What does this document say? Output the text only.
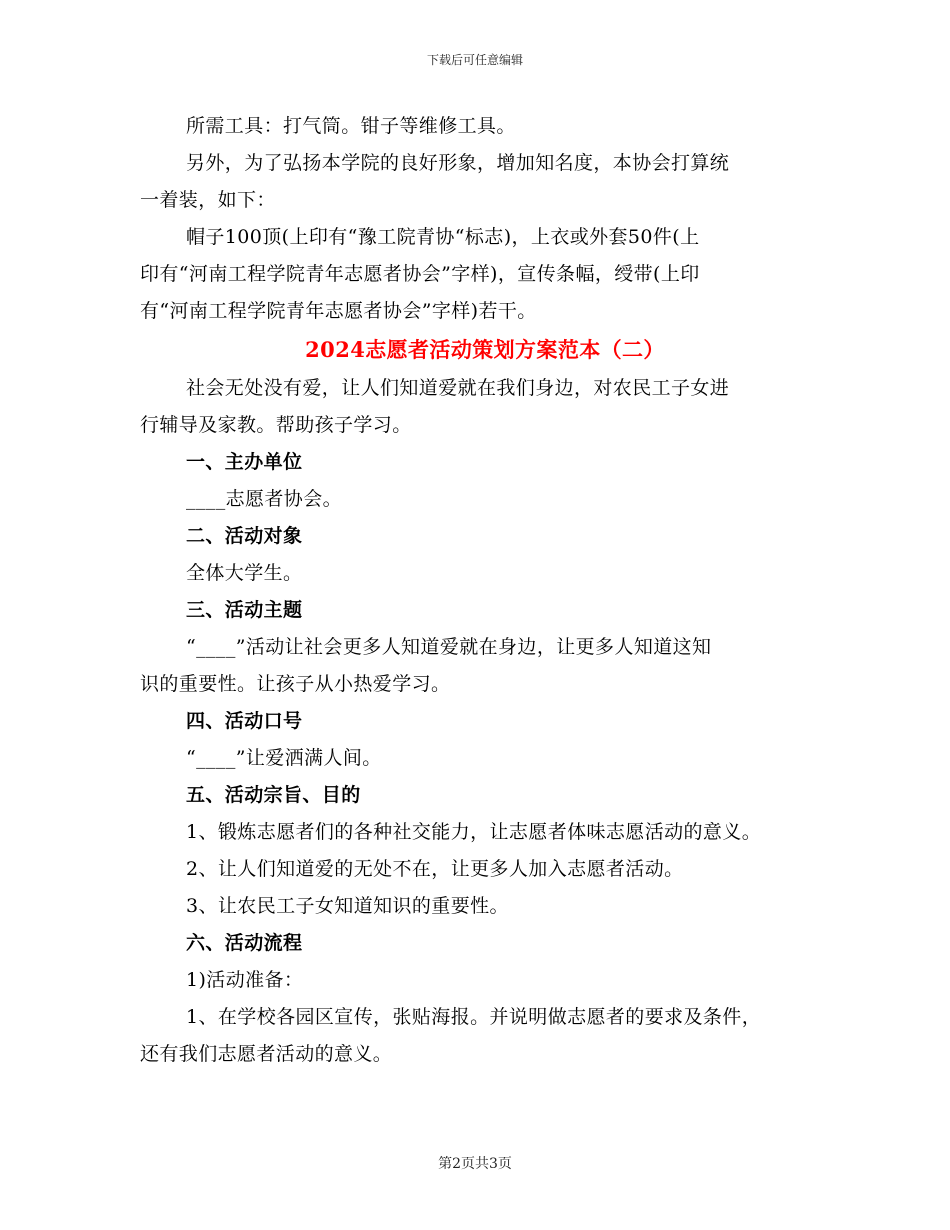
下载后可任意编辑
所需工具：打气筒。钳子等维修工具。
另外，为了弘扬本学院的良好形象，增加知名度，本协会打算统
一着装，如下：
帽子100顶(上印有“豫工院青协“标志)，上衣或外套50件(上
印有“河南工程学院青年志愿者协会”字样)，宣传条幅，绶带(上印
有“河南工程学院青年志愿者协会”字样)若干。
2024志愿者活动策划方案范本（二）
社会无处没有爱，让人们知道爱就在我们身边，对农民工子女进
行辅导及家教。帮助孩子学习。
一、主办单位
____志愿者协会。
二、活动对象
全体大学生。
三、活动主题
“____”活动让社会更多人知道爱就在身边，让更多人知道这知
识的重要性。让孩子从小热爱学习。
四、活动口号
“____”让爱洒满人间。
五、活动宗旨、目的
1、锻炼志愿者们的各种社交能力，让志愿者体味志愿活动的意义。
2、让人们知道爱的无处不在，让更多人加入志愿者活动。
3、让农民工子女知道知识的重要性。
六、活动流程
1)活动准备：
1、在学校各园区宣传，张贴海报。并说明做志愿者的要求及条件，
还有我们志愿者活动的意义。
第2页共3页
